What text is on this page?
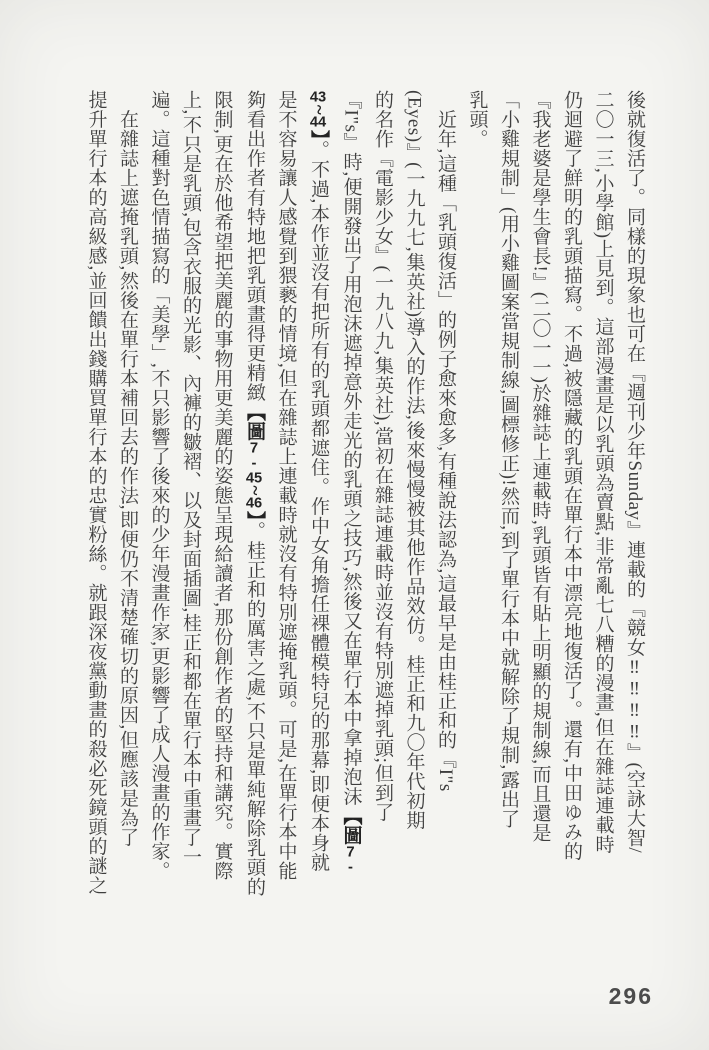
後就復活了。同樣的現象也可在『週刊少年Sunday』連載的『競女‼‼‼‼』(空詠大智/
二〇一三,小學館)上見到。這部漫畫是以乳頭為賣點,非常亂七八糟的漫畫,但在雜誌連載時
仍迴避了鮮明的乳頭描寫。不過,被隱藏的乳頭在單行本中漂亮地復活了。還有,中田ゆみ的
『我老婆是學生會長!』(二〇一一)於雜誌上連載時,乳頭皆有貼上明顯的規制線,而且還是
「小雞規制」(用小雞圖案當規制線,圖標修正)!然而,到了單行本中就解除了規制,露出了
乳頭。
　近年,這種「乳頭復活」的例子愈來愈多,有種說法認為,這最早是由桂正和的『I"s
(Eyes)』(一九九七,集英社)導入的作法,後來慢慢被其他作品效仿。桂正和九〇年代初期
的名作『電影少女』(一九八九,集英社),當初在雜誌連載時並沒有特別遮掉乳頭;但到了
『I"s』時,便開發出了用泡沫遮掉意外走光的乳頭之技巧,然後又在單行本中拿掉泡沫【圖7-
43~44】。不過,本作並沒有把所有的乳頭都遮住。作中女角擔任裸體模特兒的那幕,即便本身就
是不容易讓人感覺到猥褻的情境,但在雜誌上連載時就沒有特別遮掩乳頭。可是,在單行本中能
夠看出作者有特地把乳頭畫得更精緻【圖7-45~46】。桂正和的厲害之處,不只是單純解除乳頭的
限制,更在於他希望把美麗的事物用更美麗的姿態呈現給讀者,那份創作者的堅持和講究。實際
上,不只是乳頭,包含衣服的光影、內褲的皺褶、以及封面插圖,桂正和都在單行本中重畫了一
遍。這種對色情描寫的「美學」,不只影響了後來的少年漫畫作家,更影響了成人漫畫的作家。
　在雜誌上遮掩乳頭,然後在單行本補回去的作法,即便仍不清楚確切的原因,但應該是為了
提升單行本的高級感,並回饋出錢購買單行本的忠實粉絲。就跟深夜黨動畫的殺必死鏡頭的謎之
296
